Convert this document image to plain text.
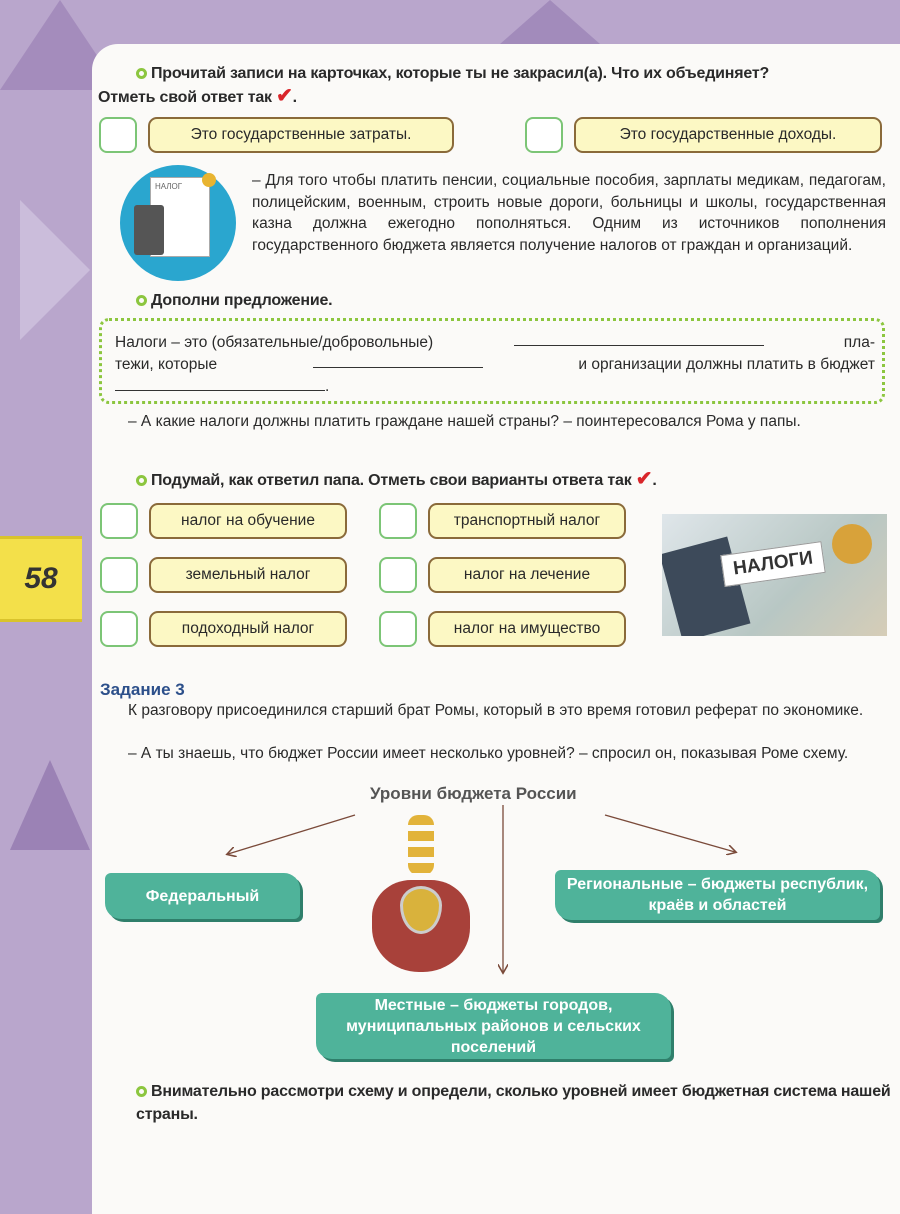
58
Прочитай записи на карточках, которые ты не закрасил(а). Что их объединяет?
Отметь свой ответ так ✔.
Это государственные затраты.	Это государственные доходы.
НАЛОГ	– Для того чтобы платить пенсии, социальные пособия, зарплаты медикам, педагогам, полицейским, военным, строить новые дороги, больницы и школы, государственная казна должна ежегодно пополняться. Одним из источников пополнения государственного бюджета является получение налогов от граждан и организаций.
Дополни предложение.
Налоги – это (обязательные/добровольные)	пла-
тежи, которые	и организации должны платить в бюджет
.
– А какие налоги должны платить граждане нашей страны? – поинтересовался Рома у папы.
Подумай, как ответил папа. Отметь свои варианты ответа так ✔.
налог на обучение	транспортный налог
земельный налог	налог на лечение
подоходный налог	налог на имущество
НАЛОГИ
Задание 3
К разговору присоединился старший брат Ромы, который в это время готовил реферат по экономике.
– А ты знаешь, что бюджет России имеет несколько уровней? – спросил он, показывая Роме схему.
Уровни бюджета России
Федеральный
Региональные – бюджеты республик, краёв и областей
Местные – бюджеты городов, муниципальных районов и сельских поселений
Внимательно рассмотри схему и определи, сколько уровней имеет бюджетная система нашей страны.
